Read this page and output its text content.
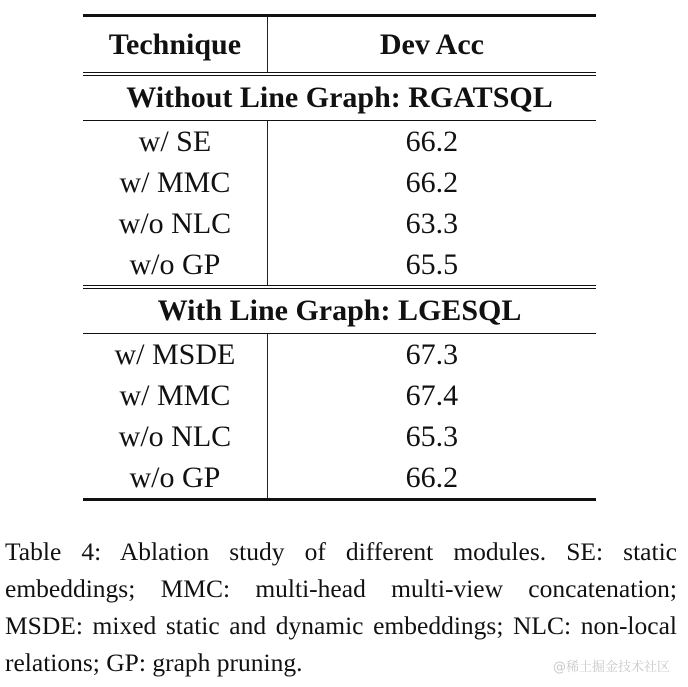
Technique	Dev Acc
Without Line Graph: RGATSQL	
w/ SE	66.2
w/ MMC	66.2
w/o NLC	63.3
w/o GP	65.5
With Line Graph: LGESQL	
w/ MSDE	67.3
w/ MMC	67.4
w/o NLC	65.3
w/o GP	66.2
Table 4: Ablation study of different modules. SE: static embeddings; MMC: multi-head multi-view concatenation; MSDE: mixed static and dynamic embeddings; NLC: non-local relations; GP: graph pruning.	@稀土掘金技术社区
